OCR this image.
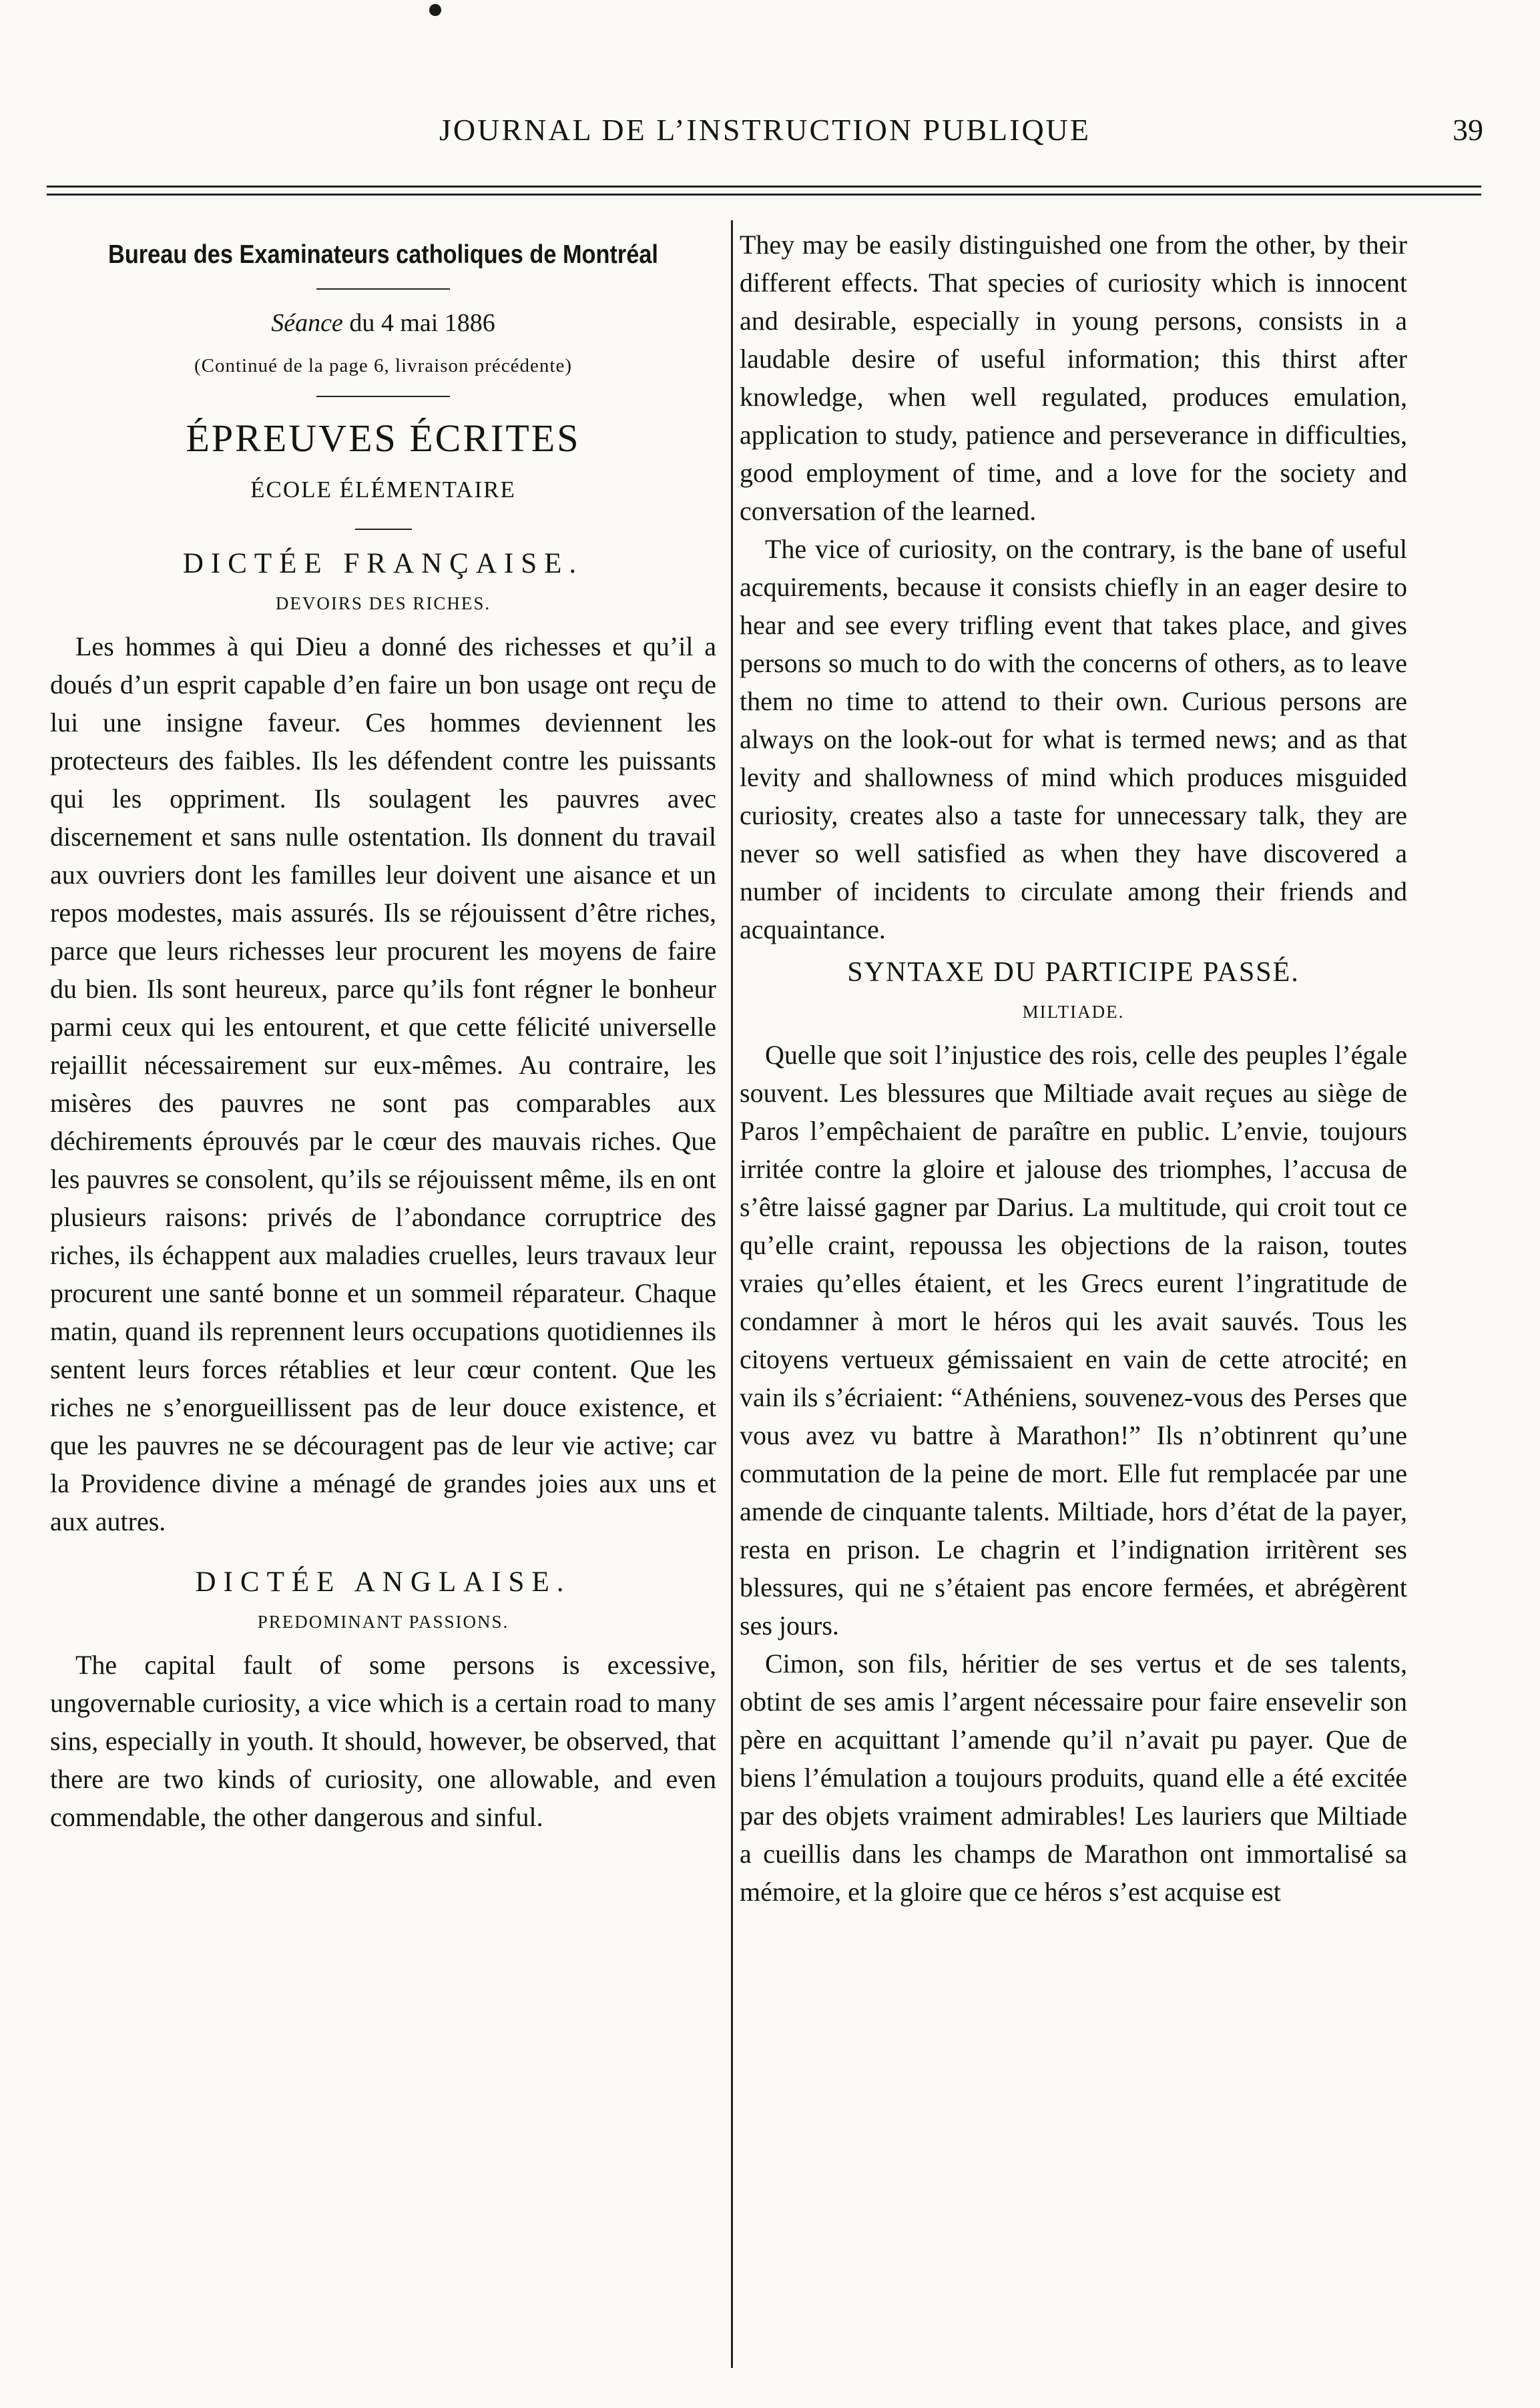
JOURNAL DE L’INSTRUCTION PUBLIQUE	39

Bureau des Examinateurs catholiques de Montréal

Séance du 4 mai 1886

(Continué de la page 6, livraison précédente)

ÉPREUVES ÉCRITES

ÉCOLE ÉLÉMENTAIRE

DICTÉE FRANÇAISE.

DEVOIRS DES RICHES.

Les hommes à qui Dieu a donné des richesses et qu’il a doués d’un esprit capable d’en faire un bon usage ont reçu de lui une insigne faveur. Ces hommes deviennent les protecteurs des faibles. Ils les défendent contre les puissants qui les oppriment. Ils soulagent les pauvres avec discernement et sans nulle ostentation. Ils donnent du travail aux ouvriers dont les familles leur doivent une aisance et un repos modestes, mais assurés. Ils se réjouissent d’être riches, parce que leurs richesses leur procurent les moyens de faire du bien. Ils sont heureux, parce qu’ils font régner le bonheur parmi ceux qui les entourent, et que cette félicité universelle rejaillit nécessairement sur eux-mêmes. Au contraire, les misères des pauvres ne sont pas comparables aux déchirements éprouvés par le cœur des mauvais riches. Que les pauvres se consolent, qu’ils se réjouissent même, ils en ont plusieurs raisons: privés de l’abondance corruptrice des riches, ils échappent aux maladies cruelles, leurs travaux leur procurent une santé bonne et un sommeil réparateur. Chaque matin, quand ils reprennent leurs occupations quotidiennes ils sentent leurs forces rétablies et leur cœur content. Que les riches ne s’enorgueillissent pas de leur douce existence, et que les pauvres ne se découragent pas de leur vie active; car la Providence divine a ménagé de grandes joies aux uns et aux autres.

DICTÉE ANGLAISE.

PREDOMINANT PASSIONS.

The capital fault of some persons is excessive, ungovernable curiosity, a vice which is a certain road to many sins, especially in youth. It should, however, be observed, that there are two kinds of curiosity, one allowable, and even commendable, the other dangerous and sinful.

They may be easily distinguished one from the other, by their different effects. That species of curiosity which is innocent and desirable, especially in young persons, consists in a laudable desire of useful information; this thirst after knowledge, when well regulated, produces emulation, application to study, patience and perseverance in difficulties, good employment of time, and a love for the society and conversation of the learned.

The vice of curiosity, on the contrary, is the bane of useful acquirements, because it consists chiefly in an eager desire to hear and see every trifling event that takes place, and gives persons so much to do with the concerns of others, as to leave them no time to attend to their own. Curious persons are always on the look-out for what is termed news; and as that levity and shallowness of mind which produces misguided curiosity, creates also a taste for unnecessary talk, they are never so well satisfied as when they have discovered a number of incidents to circulate among their friends and acquaintance.

SYNTAXE DU PARTICIPE PASSÉ.

MILTIADE.

Quelle que soit l’injustice des rois, celle des peuples l’égale souvent. Les blessures que Miltiade avait reçues au siège de Paros l’empêchaient de paraître en public. L’envie, toujours irritée contre la gloire et jalouse des triomphes, l’accusa de s’être laissé gagner par Darius. La multitude, qui croit tout ce qu’elle craint, repoussa les objections de la raison, toutes vraies qu’elles étaient, et les Grecs eurent l’ingratitude de condamner à mort le héros qui les avait sauvés. Tous les citoyens vertueux gémissaient en vain de cette atrocité; en vain ils s’écriaient: “Athéniens, souvenez-vous des Perses que vous avez vu battre à Marathon!” Ils n’obtinrent qu’une commutation de la peine de mort. Elle fut remplacée par une amende de cinquante talents. Miltiade, hors d’état de la payer, resta en prison. Le chagrin et l’indignation irritèrent ses blessures, qui ne s’étaient pas encore fermées, et abrégèrent ses jours.

Cimon, son fils, héritier de ses vertus et de ses talents, obtint de ses amis l’argent nécessaire pour faire ensevelir son père en acquittant l’amende qu’il n’avait pu payer. Que de biens l’émulation a toujours produits, quand elle a été excitée par des objets vraiment admirables! Les lauriers que Miltiade a cueillis dans les champs de Marathon ont immortalisé sa mémoire, et la gloire que ce héros s’est acquise est
